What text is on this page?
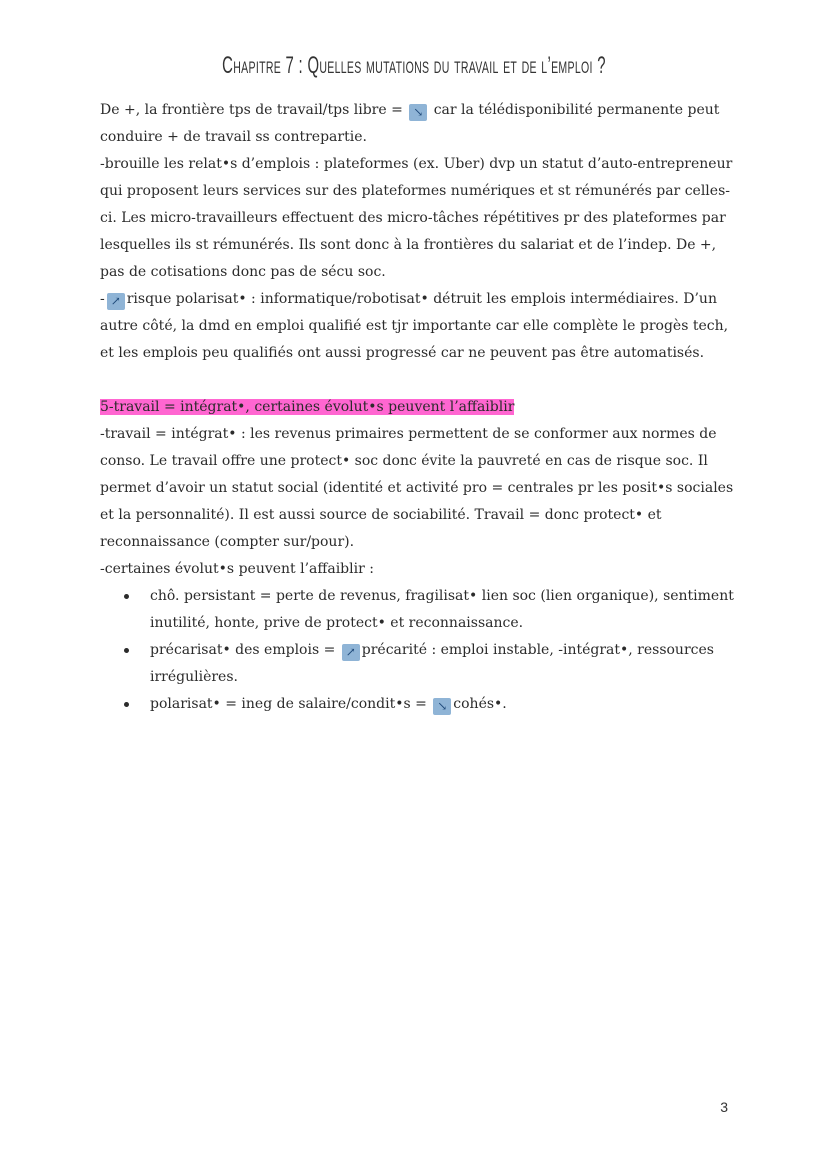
Chapitre 7 : Quelles mutations du travail et de l’emploi ?

De +, la frontière tps de travail/tps libre = ↘ car la télédisponibilité permanente peut conduire + de travail ss contrepartie.

-brouille les relat•s d’emplois : plateformes (ex. Uber) dvp un statut d’auto-entrepreneur qui proposent leurs services sur des plateformes numériques et st rémunérés par celles-ci. Les micro-travailleurs effectuent des micro-tâches répétitives pr des plateformes par lesquelles ils st rémunérés. Ils sont donc à la frontières du salariat et de l’indep. De +, pas de cotisations donc pas de sécu soc.

- ↗ risque polarisat• : informatique/robotisat• détruit les emplois intermédiaires. D’un autre côté, la dmd en emploi qualifié est tjr importante car elle complète le progès tech, et les emplois peu qualifiés ont aussi progressé car ne peuvent pas être automatisés.

5-travail = intégrat•, certaines évolut•s peuvent l’affaiblir

-travail = intégrat• : les revenus primaires permettent de se conformer aux normes de conso. Le travail offre une protect• soc donc évite la pauvreté en cas de risque soc. Il permet d’avoir un statut social (identité et activité pro = centrales pr les posit•s sociales et la personnalité). Il est aussi source de sociabilité. Travail = donc protect• et reconnaissance (compter sur/pour).

-certaines évolut•s peuvent l’affaiblir :

chô. persistant = perte de revenus, fragilisat• lien soc (lien organique), sentiment inutilité, honte, prive de protect• et reconnaissance.
précarisat• des emplois = ↗ précarité : emploi instable, -intégrat•, ressources irrégulières.
polarisat• = ineg de salaire/condit•s = ↘ cohés•.
3
